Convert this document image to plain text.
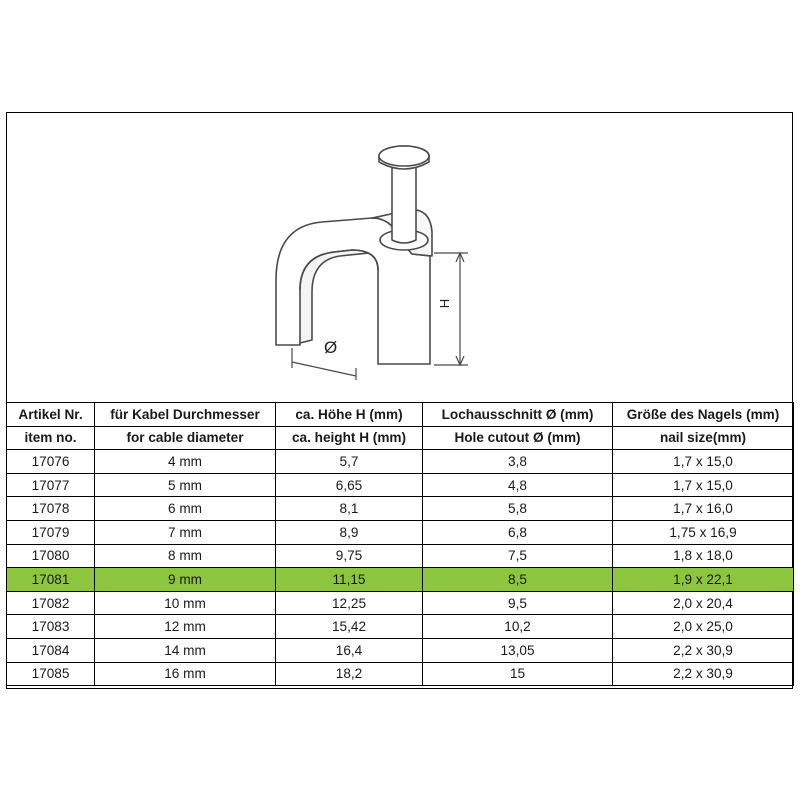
H
Ø
Artikel Nr.	für Kabel Durchmesser	ca. Höhe H (mm)	Lochausschnitt Ø (mm)	Größe des Nagels (mm)
item no.	for cable diameter	ca. height H (mm)	Hole cutout Ø (mm)	nail size(mm)
17076	4 mm	5,7	3,8	1,7 x 15,0
17077	5 mm	6,65	4,8	1,7 x 15,0
17078	6 mm	8,1	5,8	1,7 x 16,0
17079	7 mm	8,9	6,8	1,75 x 16,9
17080	8 mm	9,75	7,5	1,8 x 18,0
17081	9 mm	11,15	8,5	1,9 x 22,1
17082	10 mm	12,25	9,5	2,0 x 20,4
17083	12 mm	15,42	10,2	2,0 x 25,0
17084	14 mm	16,4	13,05	2,2 x 30,9
17085	16 mm	18,2	15	2,2 x 30,9
